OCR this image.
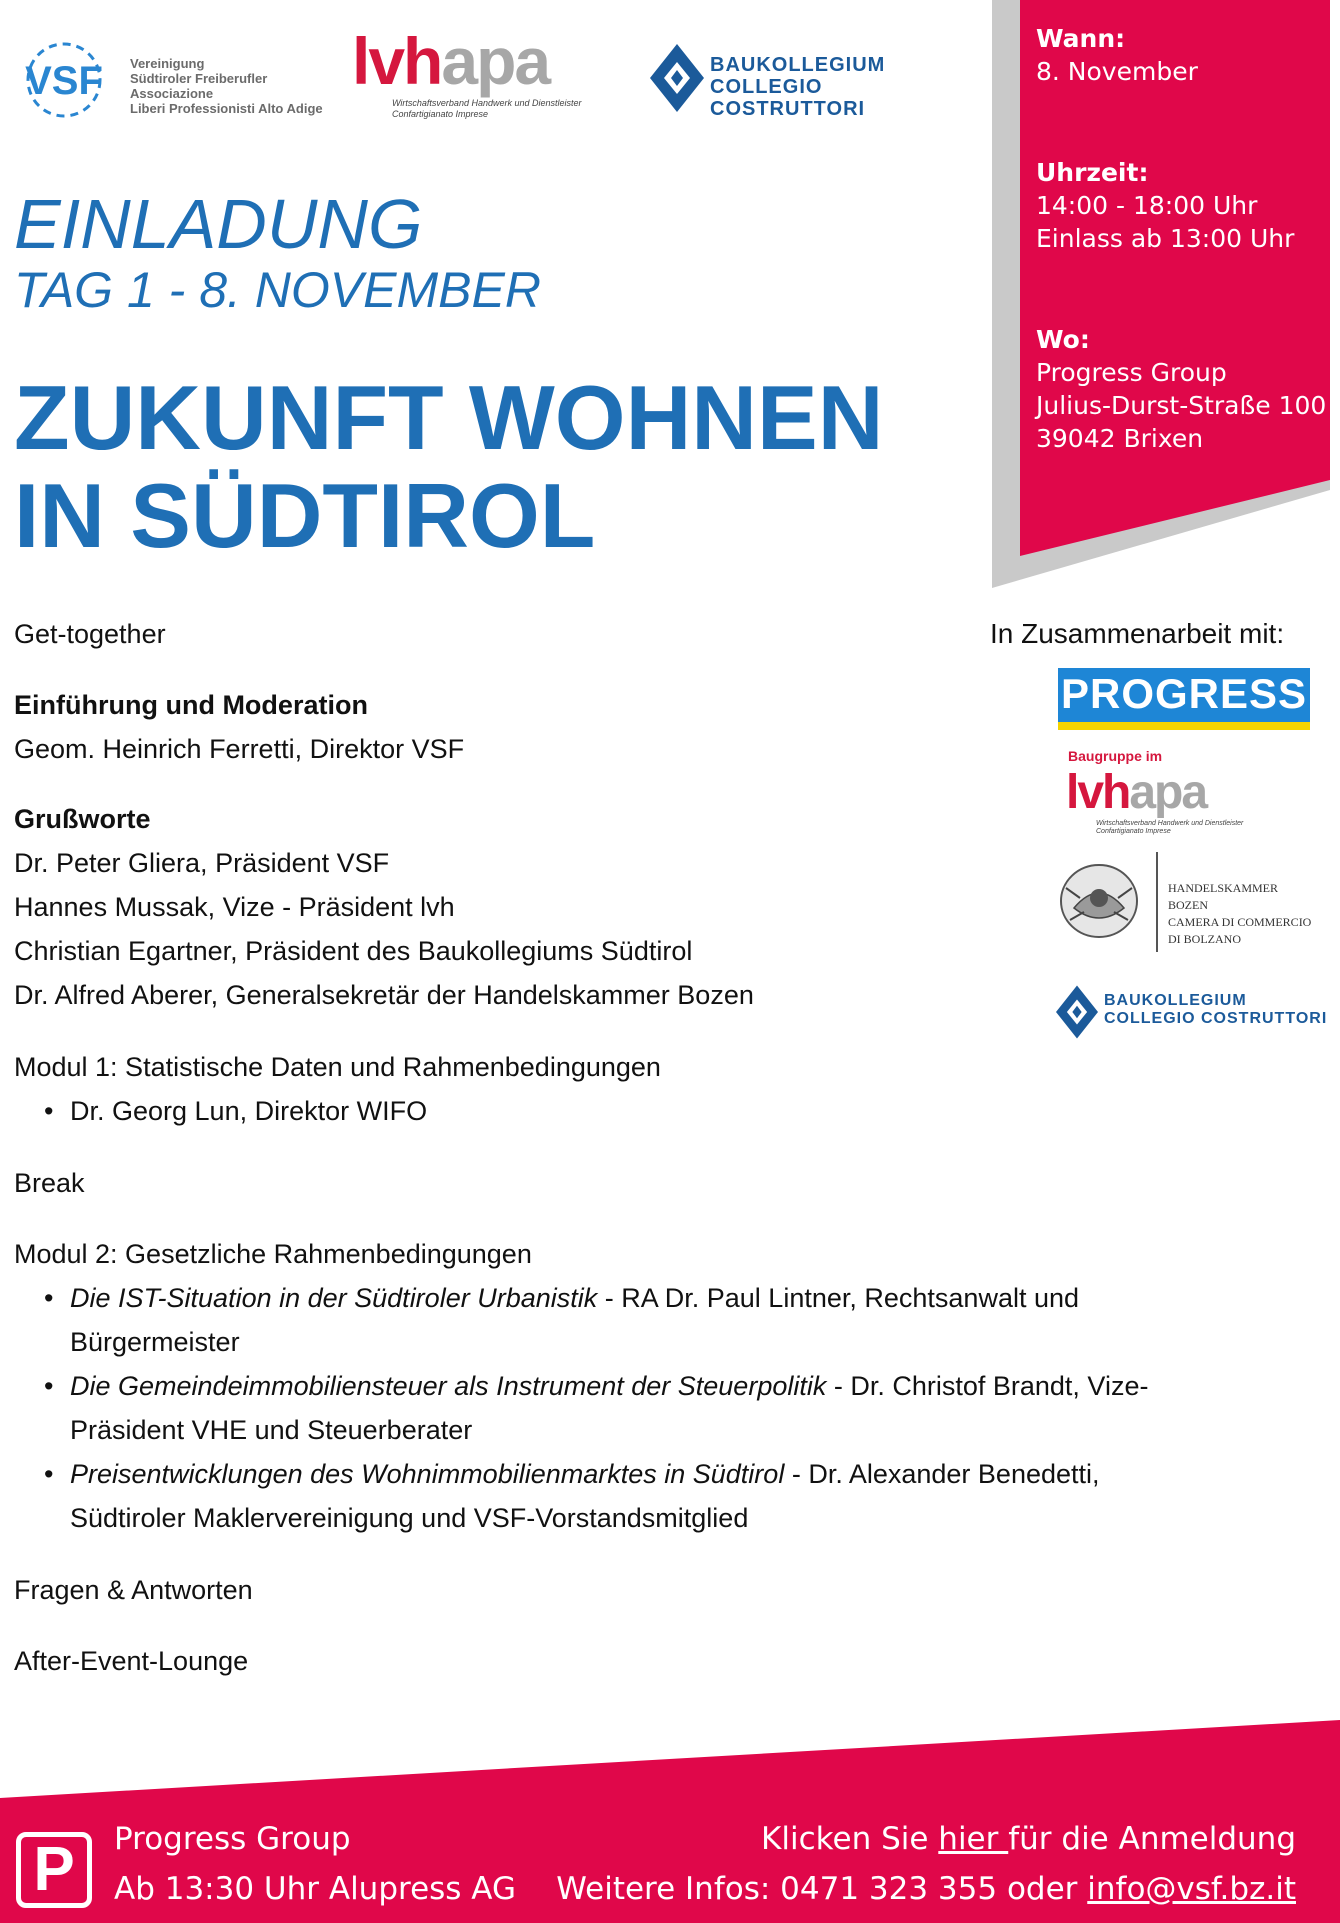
VSF Vereinigung
Südtiroler Freiberufler
Associazione
Liberi Professionisti Alto Adige
lvhapa
Wirtschaftsverband Handwerk und Dienstleister
Confartigianato Imprese
BAUKOLLEGIUM
COLLEGIO COSTRUTTORI
Wann:
8. November
Uhrzeit:
14:00 - 18:00 Uhr
Einlass ab 13:00 Uhr
Wo:
Progress Group
Julius-Durst-Straße 100
39042 Brixen
EINLADUNG
TAG 1 - 8. NOVEMBER
ZUKUNFT WOHNEN
IN SÜDTIROL
Get-together
Einführung und Moderation
Geom. Heinrich Ferretti, Direktor VSF
Grußworte
Dr. Peter Gliera, Präsident VSF
Hannes Mussak, Vize - Präsident lvh
Christian Egartner, Präsident des Baukollegiums Südtirol
Dr. Alfred Aberer, Generalsekretär der Handelskammer Bozen
Modul 1: Statistische Daten und Rahmenbedingungen
• Dr. Georg Lun, Direktor WIFO
Break
Modul 2: Gesetzliche Rahmenbedingungen
• Die IST-Situation in der Südtiroler Urbanistik - RA Dr. Paul Lintner, Rechtsanwalt und
Bürgermeister
• Die Gemeindeimmobiliensteuer als Instrument der Steuerpolitik - Dr. Christof Brandt, Vize-
Präsident VHE und Steuerberater
• Preisentwicklungen des Wohnimmobilienmarktes in Südtirol - Dr. Alexander Benedetti,
Südtiroler Maklervereinigung und VSF-Vorstandsmitglied
Fragen & Antworten
After-Event-Lounge
In Zusammenarbeit mit:
PROGRESS
Baugruppe im
lvhapa
Wirtschaftsverband Handwerk und Dienstleister
Confartigianato Imprese
HANDELSKAMMER
BOZEN
CAMERA DI COMMERCIO
DI BOLZANO
BAUKOLLEGIUM
COLLEGIO COSTRUTTORI
P	Progress Group
Ab 13:30 Uhr Alupress AG
Klicken Sie hier für die Anmeldung
Weitere Infos: 0471 323 355 oder info@vsf.bz.it
